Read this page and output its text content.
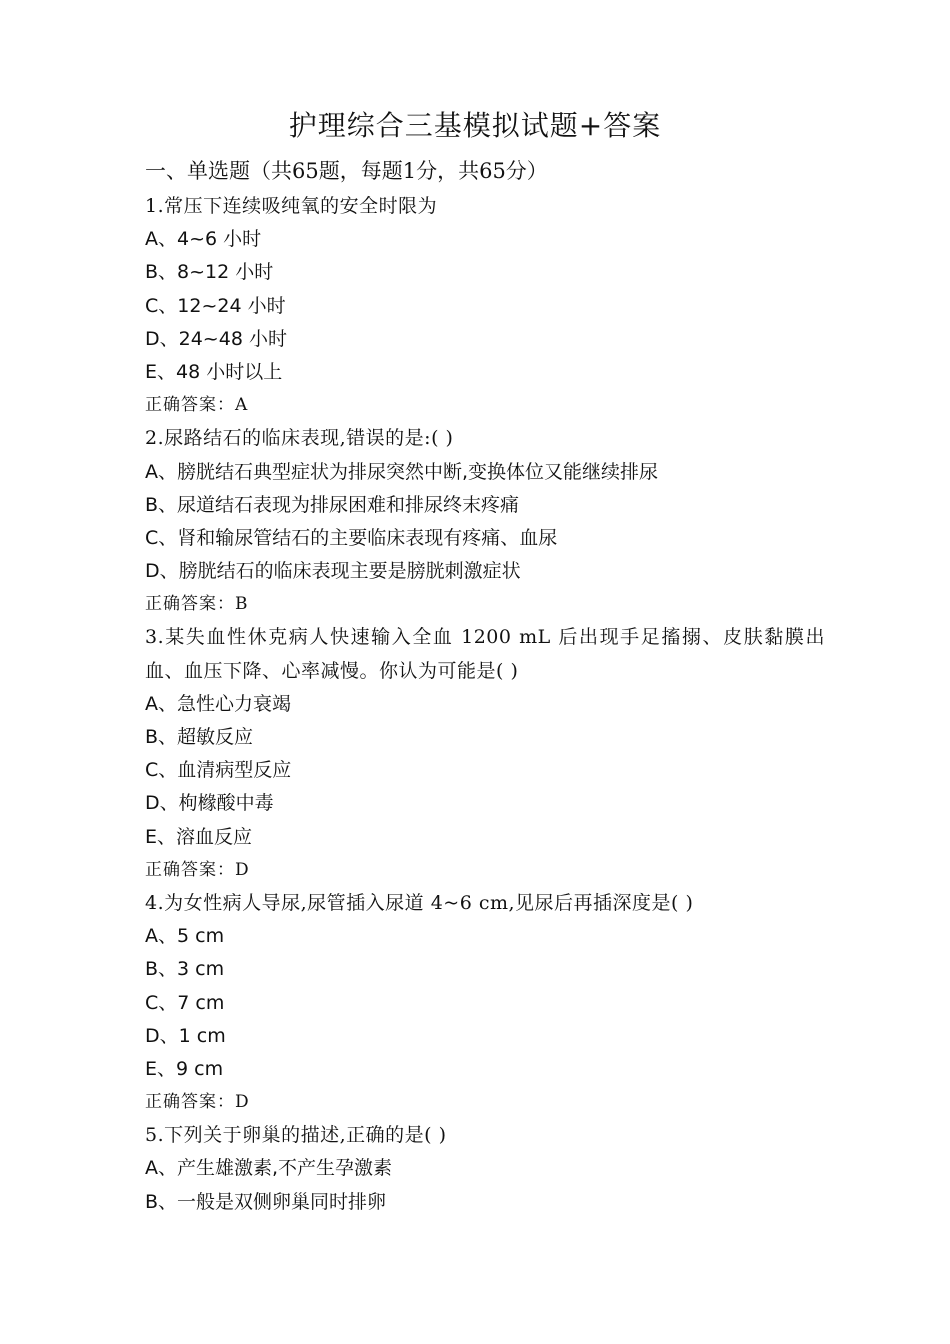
护理综合三基模拟试题+答案
一、单选题（共65题，每题1分，共65分）
1.常压下连续吸纯氧的安全时限为
A、4~6 小时
B、8~12 小时
C、12~24 小时
D、24~48 小时
E、48 小时以上
正确答案：A
2.尿路结石的临床表现,错误的是:( )
A、膀胱结石典型症状为排尿突然中断,变换体位又能继续排尿
B、尿道结石表现为排尿困难和排尿终末疼痛
C、肾和输尿管结石的主要临床表现有疼痛、血尿
D、膀胱结石的临床表现主要是膀胱刺激症状
正确答案：B
3.某失血性休克病人快速输入全血 1200 mL 后出现手足搐搦、皮肤黏膜出血、血压下降、心率减慢。你认为可能是( )
A、急性心力衰竭
B、超敏反应
C、血清病型反应
D、枸橼酸中毒
E、溶血反应
正确答案：D
4.为女性病人导尿,尿管插入尿道 4~6 cm,见尿后再插深度是( )
A、5 cm
B、3 cm
C、7 cm
D、1 cm
E、9 cm
正确答案：D
5.下列关于卵巢的描述,正确的是( )
A、产生雄激素,不产生孕激素
B、一般是双侧卵巢同时排卵
